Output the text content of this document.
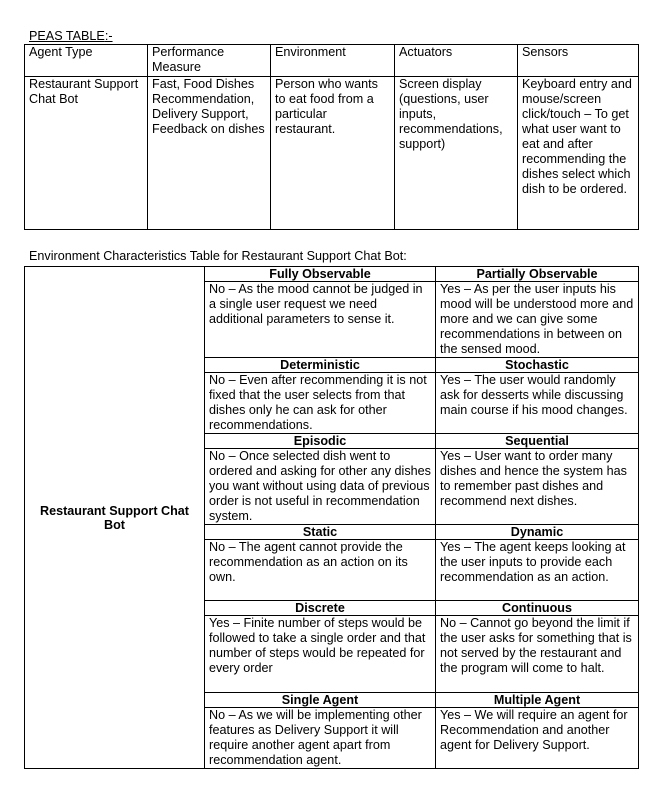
PEAS TABLE:-
Agent Type	Performance Measure	Environment	Actuators	Sensors
Restaurant Support Chat Bot	Fast, Food Dishes Recommendation, Delivery Support, Feedback on dishes	Person who wants to eat food from a particular restaurant.	Screen display (questions, user inputs, recommendations, support)	Keyboard entry and mouse/screen click/touch – To get what user want to eat and after recommending the dishes select which dish to be ordered.
Environment Characteristics Table for Restaurant Support Chat Bot:
Restaurant Support Chat Bot	Fully Observable	Partially Observable
	No – As the mood cannot be judged in a single user request we need additional parameters to sense it.	Yes – As per the user inputs his mood will be understood more and more and we can give some recommendations in between on the sensed mood.
	Deterministic	Stochastic
	No – Even after recommending it is not fixed that the user selects from that dishes only he can ask for other recommendations.	Yes – The user would randomly ask for desserts while discussing main course if his mood changes.
	Episodic	Sequential
	No – Once selected dish went to ordered and asking for other any dishes you want without using data of previous order is not useful in recommendation system.	Yes – User want to order many dishes and hence the system has to remember past dishes and recommend next dishes.
	Static	Dynamic
	No – The agent cannot provide the recommendation as an action on its own.	Yes – The agent keeps looking at the user inputs to provide each recommendation as an action.
	Discrete	Continuous
	Yes – Finite number of steps would be followed to take a single order and that number of steps would be repeated for every order	No – Cannot go beyond the limit if the user asks for something that is not served by the restaurant and the program will come to halt.
	Single Agent	Multiple Agent
	No – As we will be implementing other features as Delivery Support it will require another agent apart from recommendation agent.	Yes – We will require an agent for Recommendation and another agent for Delivery Support.
